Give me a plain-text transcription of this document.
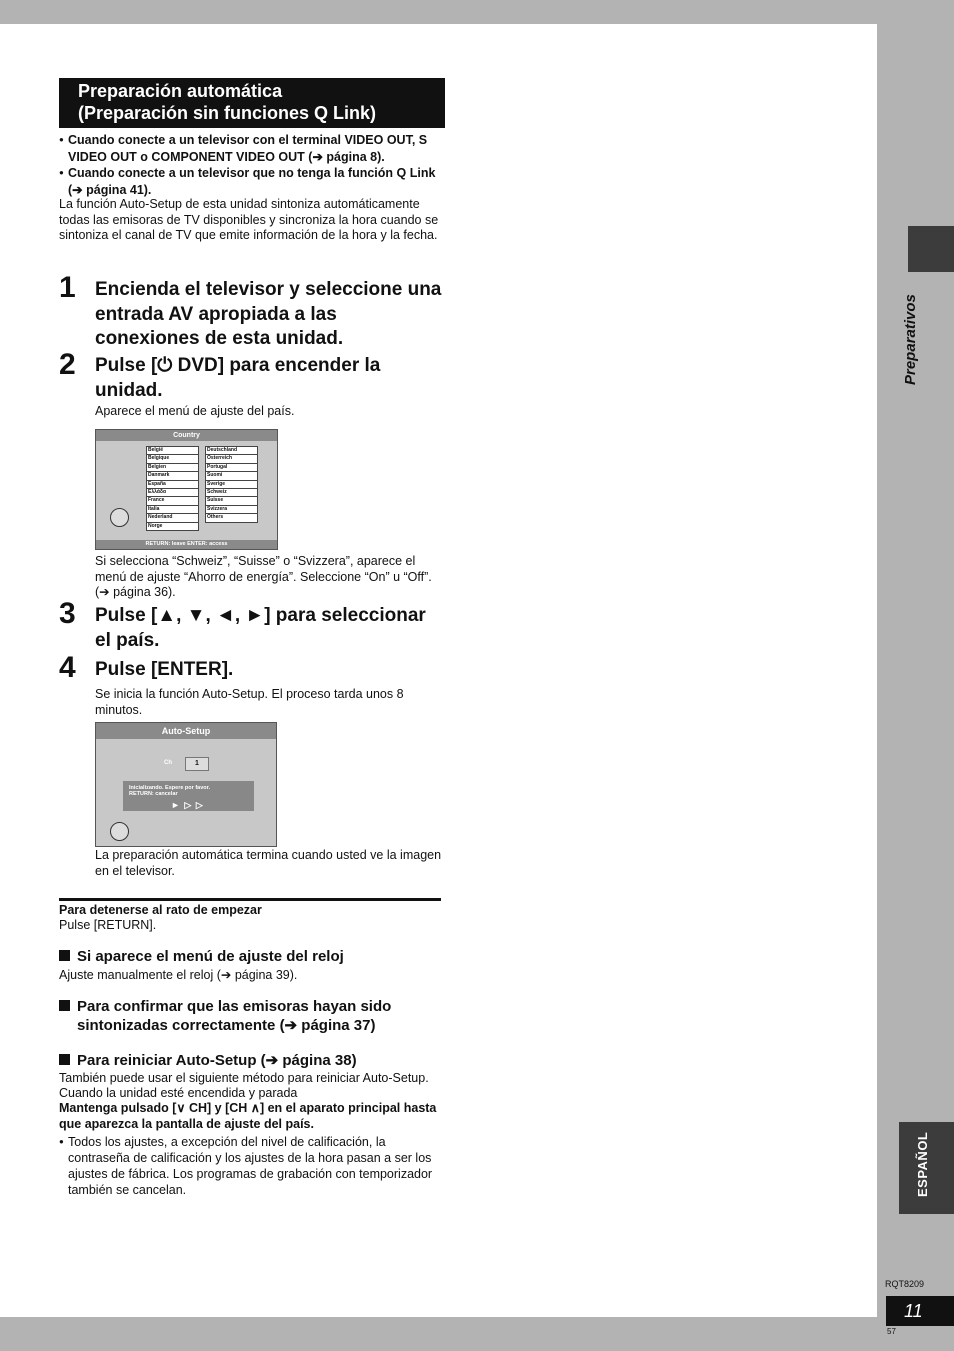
Preparativos
ESPAÑOL
RQT8209
11
57
Preparación automática
(Preparación sin funciones Q Link)
● Cuando conecte a un televisor con el terminal VIDEO OUT, S VIDEO OUT o COMPONENT VIDEO OUT (➔ página 8).
● Cuando conecte a un televisor que no tenga la función Q Link (➔ página 41).
La función Auto-Setup de esta unidad sintoniza automáticamente todas las emisoras de TV disponibles y sincroniza la hora cuando se sintoniza el canal de TV que emite información de la hora y la fecha.
1 Encienda el televisor y seleccione una entrada AV apropiada a las conexiones de esta unidad.
2 Pulse [⏻ DVD] para encender la unidad.
Aparece el menú de ajuste del país.
Country
België
Belgique
Belgien
Danmark
España
Ελλάδα
France
Italia
Nederland
Norge
Deutschland
Österreich
Portugal
Suomi
Sverige
Schweiz
Suisse
Svizzera
Others
RETURN: leave ENTER: access
Si selecciona “Schweiz”, “Suisse” o “Svizzera”, aparece el menú de ajuste “Ahorro de energía”. Seleccione “On” u “Off”. (➔ página 36).
3 Pulse [▲, ▼, ◄, ►] para seleccionar el país.
4 Pulse [ENTER].
Se inicia la función Auto-Setup. El proceso tarda unos 8 minutos.
Auto-Setup
Ch	1
Inicializando. Espere por favor.
RETURN: cancelar
► ▷ ▷
La preparación automática termina cuando usted ve la imagen en el televisor.
Para detenerse al rato de empezar
Pulse [RETURN].
Si aparece el menú de ajuste del reloj
Ajuste manualmente el reloj (➔ página 39).
Para confirmar que las emisoras hayan sido sintonizadas correctamente (➔ página 37)
Para reiniciar Auto-Setup (➔ página 38)
También puede usar el siguiente método para reiniciar Auto-Setup.
Cuando la unidad esté encendida y parada
Mantenga pulsado [∨ CH] y [CH ∧] en el aparato principal hasta que aparezca la pantalla de ajuste del país.
● Todos los ajustes, a excepción del nivel de calificación, la contraseña de calificación y los ajustes de la hora pasan a ser los ajustes de fábrica. Los programas de grabación con temporizador también se cancelan.
